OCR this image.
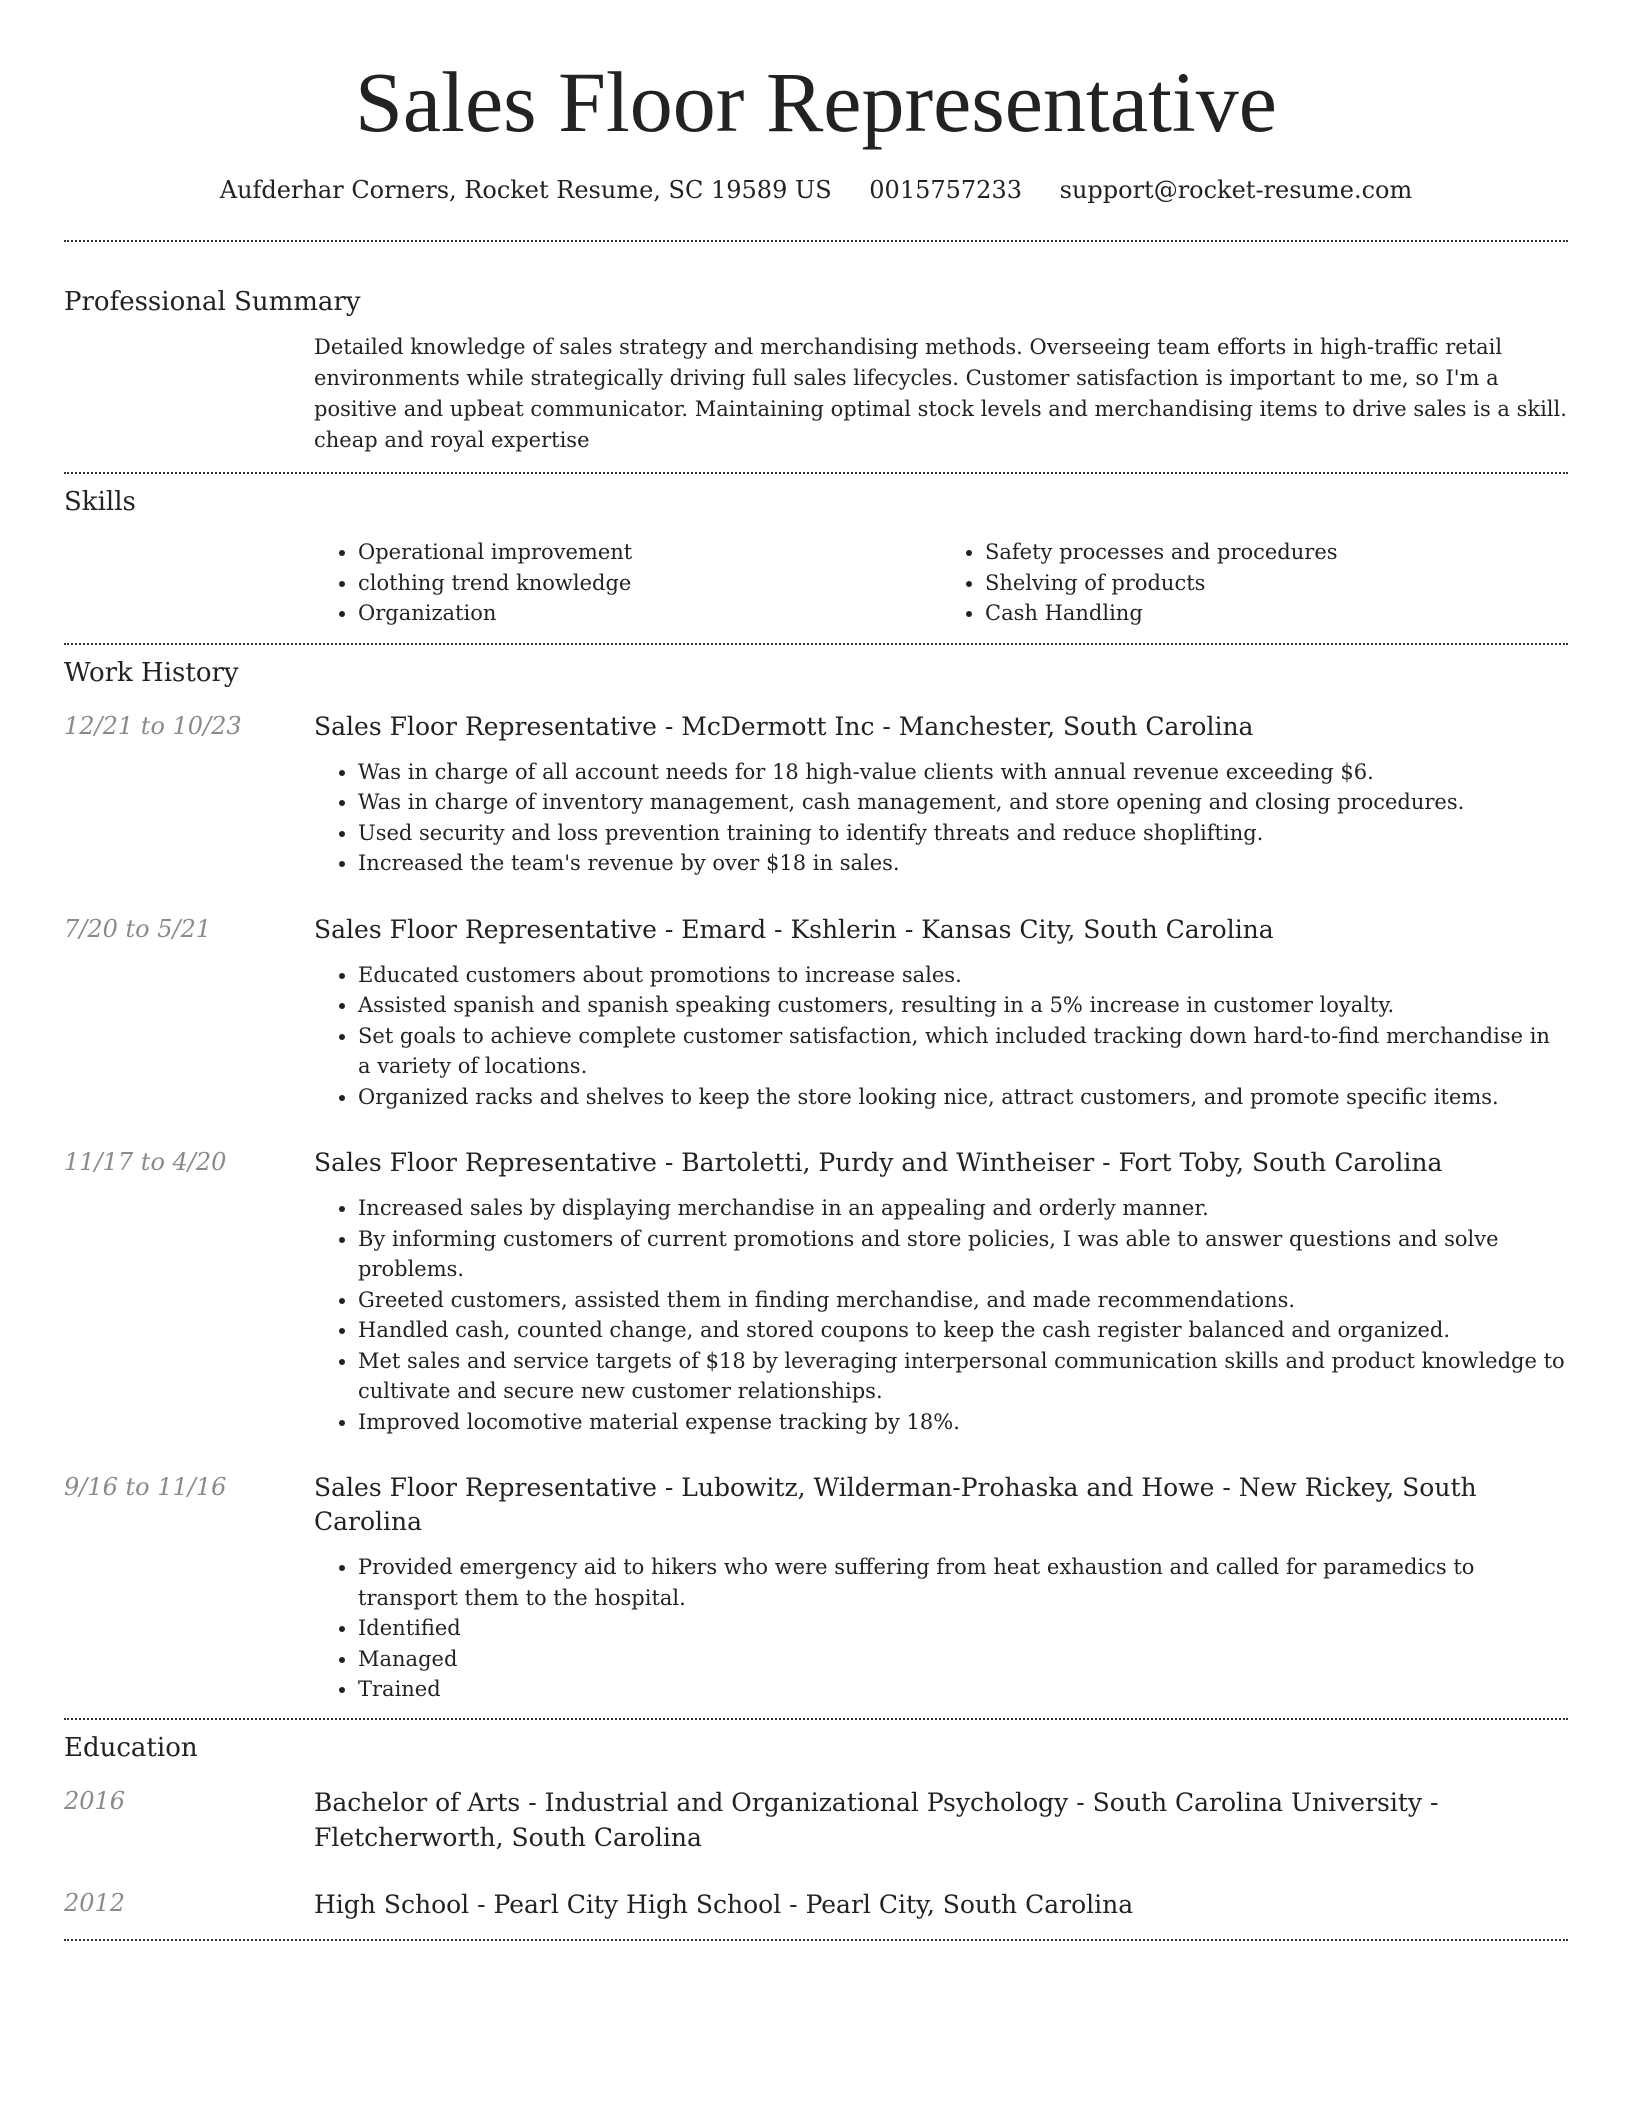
Sales Floor Representative
Aufderhar Corners, Rocket Resume, SC 19589 US 0015757233 support@rocket-resume.com
Professional Summary
Detailed knowledge of sales strategy and merchandising methods. Overseeing team efforts in high-traffic retail environments while strategically driving full sales lifecycles. Customer satisfaction is important to me, so I'm a positive and upbeat communicator. Maintaining optimal stock levels and merchandising items to drive sales is a skill. cheap and royal expertise
Skills
• Operational improvement
• clothing trend knowledge
• Organization
• Safety processes and procedures
• Shelving of products
• Cash Handling
Work History
12/21 to 10/23	Sales Floor Representative - McDermott Inc - Manchester, South Carolina
• Was in charge of all account needs for 18 high-value clients with annual revenue exceeding $6.
• Was in charge of inventory management, cash management, and store opening and closing procedures.
• Used security and loss prevention training to identify threats and reduce shoplifting.
• Increased the team's revenue by over $18 in sales.
7/20 to 5/21	Sales Floor Representative - Emard - Kshlerin - Kansas City, South Carolina
• Educated customers about promotions to increase sales.
• Assisted spanish and spanish speaking customers, resulting in a 5% increase in customer loyalty.
• Set goals to achieve complete customer satisfaction, which included tracking down hard-to-find merchandise in a variety of locations.
• Organized racks and shelves to keep the store looking nice, attract customers, and promote specific items.
11/17 to 4/20	Sales Floor Representative - Bartoletti, Purdy and Wintheiser - Fort Toby, South Carolina
• Increased sales by displaying merchandise in an appealing and orderly manner.
• By informing customers of current promotions and store policies, I was able to answer questions and solve problems.
• Greeted customers, assisted them in finding merchandise, and made recommendations.
• Handled cash, counted change, and stored coupons to keep the cash register balanced and organized.
• Met sales and service targets of $18 by leveraging interpersonal communication skills and product knowledge to cultivate and secure new customer relationships.
• Improved locomotive material expense tracking by 18%.
9/16 to 11/16	Sales Floor Representative - Lubowitz, Wilderman-Prohaska and Howe - New Rickey, South Carolina
• Provided emergency aid to hikers who were suffering from heat exhaustion and called for paramedics to transport them to the hospital.
• Identified
• Managed
• Trained
Education
2016	Bachelor of Arts - Industrial and Organizational Psychology - South Carolina University - Fletcherworth, South Carolina
2012	High School - Pearl City High School - Pearl City, South Carolina
